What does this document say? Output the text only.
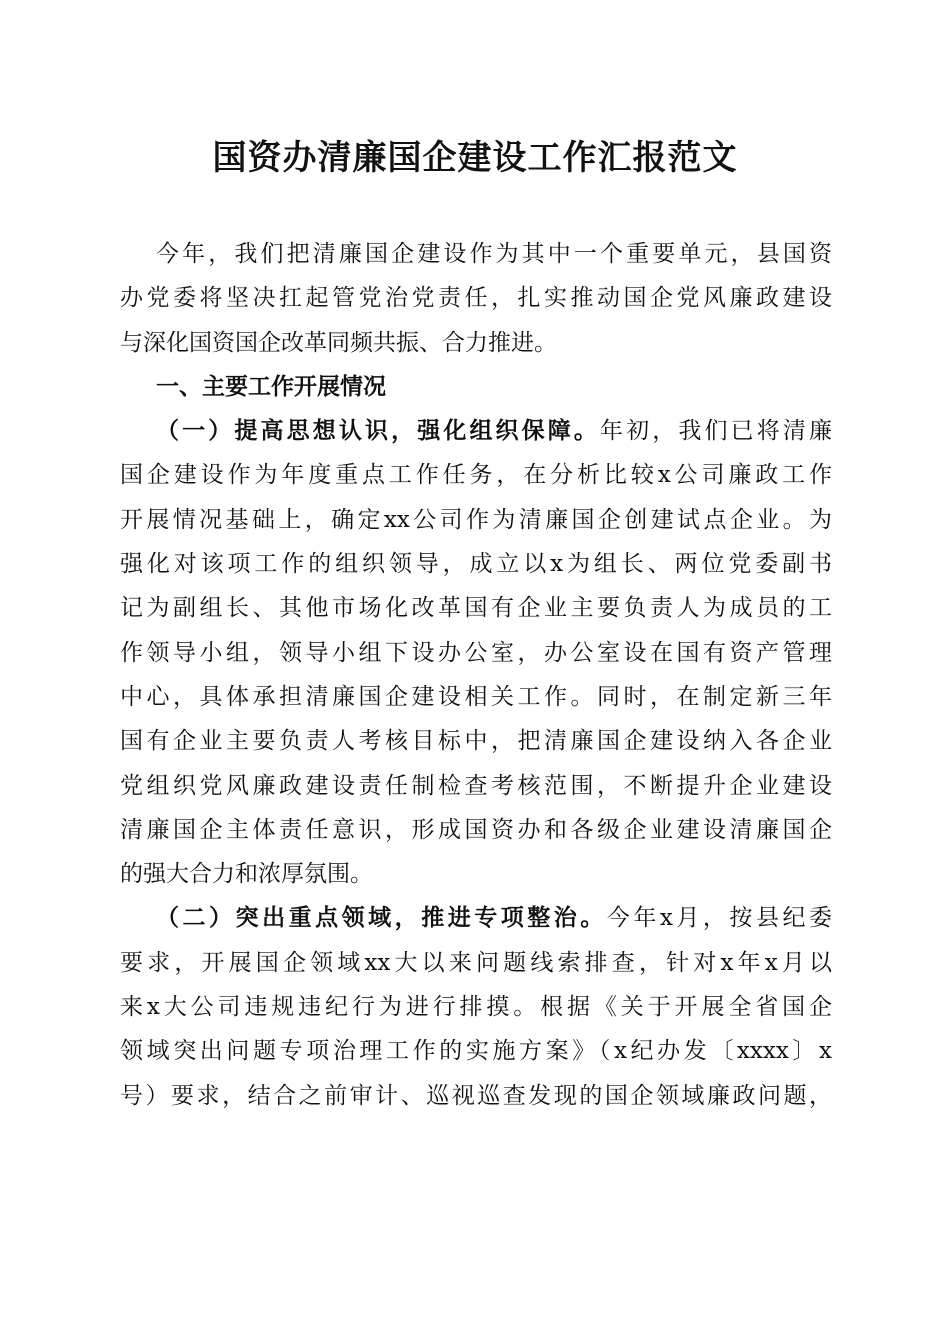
国资办清廉国企建设工作汇报范文
今年，我们把清廉国企建设作为其中一个重要单元，县国资
办党委将坚决扛起管党治党责任，扎实推动国企党风廉政建设
与深化国资国企改革同频共振、合力推进。
一、主要工作开展情况
（一）提高思想认识，强化组织保障。年初，我们已将清廉
国企建设作为年度重点工作任务，在分析比较x公司廉政工作
开展情况基础上，确定xx公司作为清廉国企创建试点企业。为
强化对该项工作的组织领导，成立以x为组长、两位党委副书
记为副组长、其他市场化改革国有企业主要负责人为成员的工
作领导小组，领导小组下设办公室，办公室设在国有资产管理
中心，具体承担清廉国企建设相关工作。同时，在制定新三年
国有企业主要负责人考核目标中，把清廉国企建设纳入各企业
党组织党风廉政建设责任制检查考核范围，不断提升企业建设
清廉国企主体责任意识，形成国资办和各级企业建设清廉国企
的强大合力和浓厚氛围。
（二）突出重点领域，推进专项整治。今年x月，按县纪委
要求，开展国企领域xx大以来问题线索排查，针对x年x月以
来x大公司违规违纪行为进行排摸。根据《关于开展全省国企
领域突出问题专项治理工作的实施方案》（x纪办发〔xxxx〕x
号）要求，结合之前审计、巡视巡查发现的国企领域廉政问题，
